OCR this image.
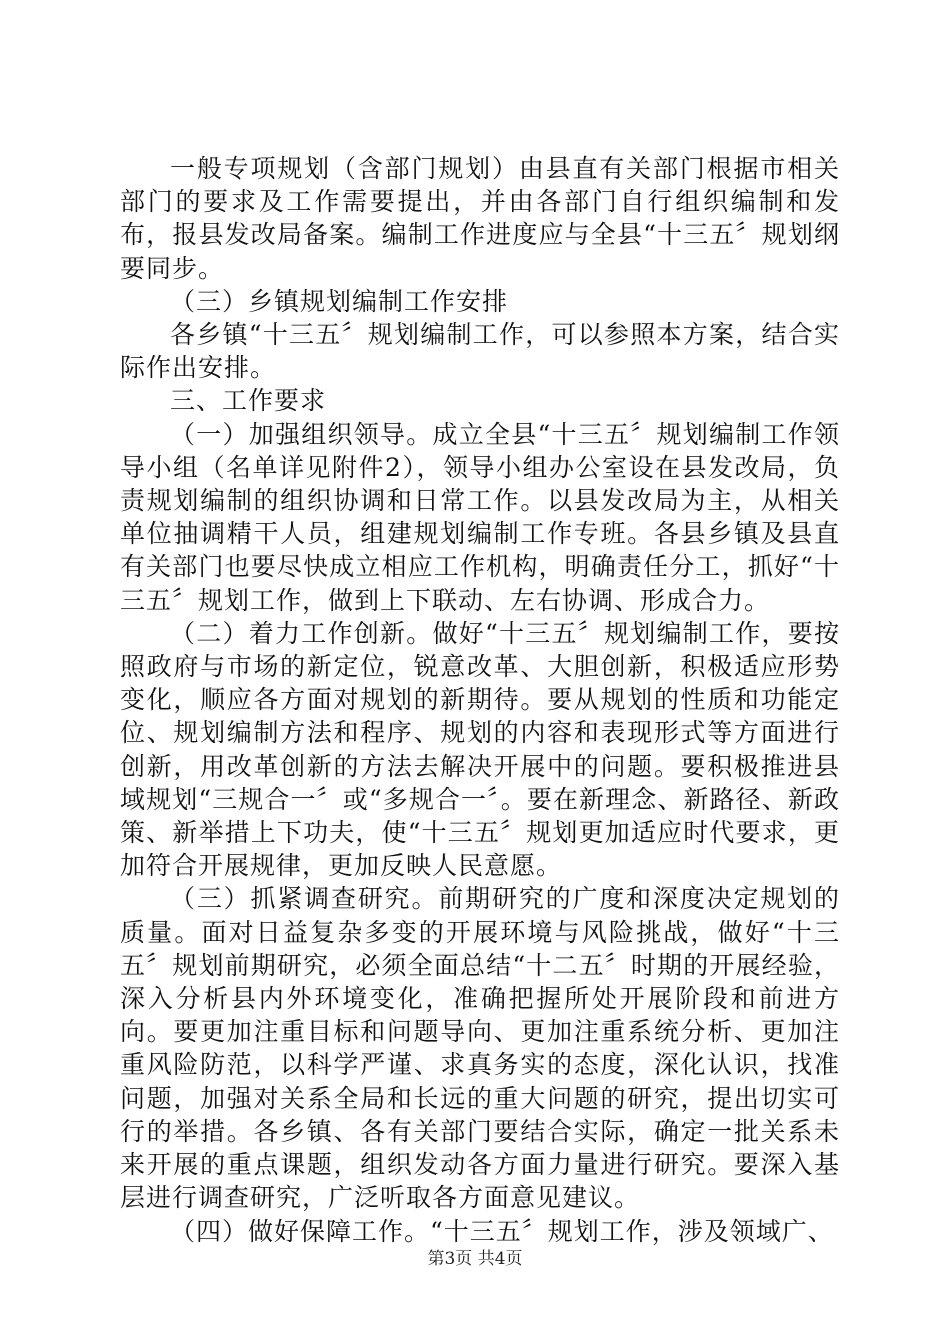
一般专项规划（含部门规划）由县直有关部门根据市相关部门的要求及工作需要提出，并由各部门自行组织编制和发布，报县发改局备案。编制工作进度应与全县“十三五〞规划纲要同步。

（三）乡镇规划编制工作安排

各乡镇“十三五〞规划编制工作，可以参照本方案，结合实际作出安排。

三、工作要求

（一）加强组织领导。成立全县“十三五〞规划编制工作领导小组（名单详见附件2），领导小组办公室设在县发改局，负责规划编制的组织协调和日常工作。以县发改局为主，从相关单位抽调精干人员，组建规划编制工作专班。各县乡镇及县直有关部门也要尽快成立相应工作机构，明确责任分工，抓好“十三五〞规划工作，做到上下联动、左右协调、形成合力。

（二）着力工作创新。做好“十三五〞规划编制工作，要按照政府与市场的新定位，锐意改革、大胆创新，积极适应形势变化，顺应各方面对规划的新期待。要从规划的性质和功能定位、规划编制方法和程序、规划的内容和表现形式等方面进行创新，用改革创新的方法去解决开展中的问题。要积极推进县域规划“三规合一〞或“多规合一〞。要在新理念、新路径、新政策、新举措上下功夫，使“十三五〞规划更加适应时代要求，更加符合开展规律，更加反映人民意愿。

（三）抓紧调查研究。前期研究的广度和深度决定规划的质量。面对日益复杂多变的开展环境与风险挑战，做好“十三五〞规划前期研究，必须全面总结“十二五〞时期的开展经验，深入分析县内外环境变化，准确把握所处开展阶段和前进方向。要更加注重目标和问题导向、更加注重系统分析、更加注重风险防范，以科学严谨、求真务实的态度，深化认识，找准问题，加强对关系全局和长远的重大问题的研究，提出切实可行的举措。各乡镇、各有关部门要结合实际，确定一批关系未来开展的重点课题，组织发动各方面力量进行研究。要深入基层进行调查研究，广泛听取各方面意见建议。

（四）做好保障工作。“十三五〞规划工作，涉及领域广、

第3页 共4页
